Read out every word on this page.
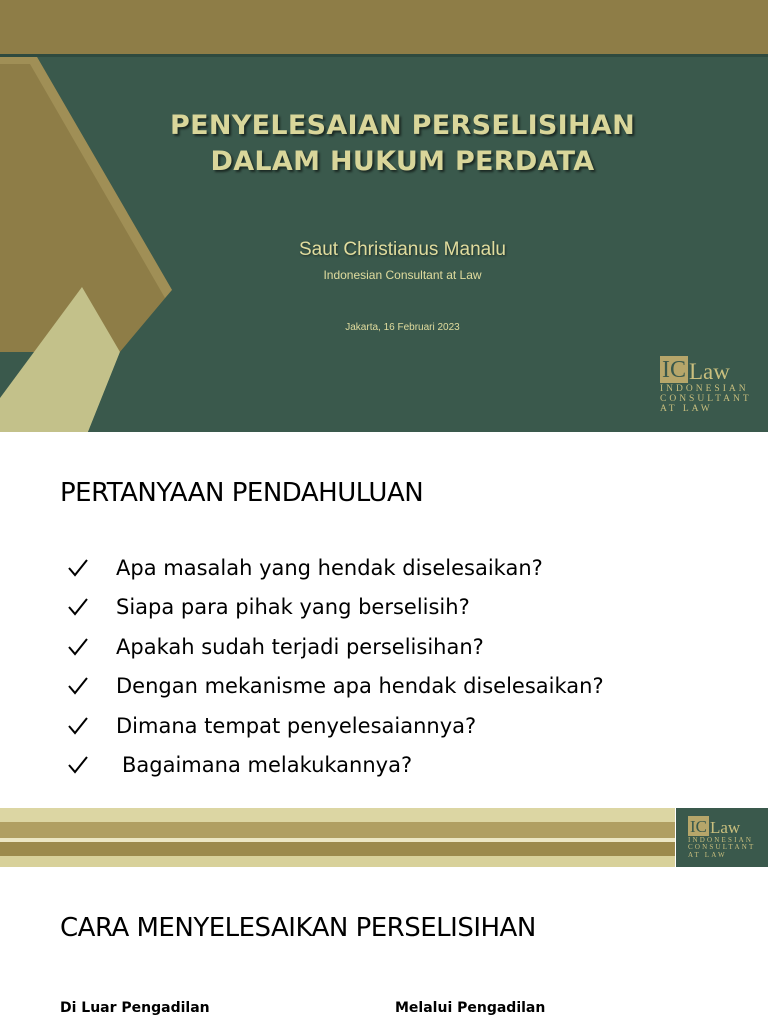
PENYELESAIAN PERSELISIHAN
DALAM HUKUM PERDATA
Saut Christianus Manalu
Indonesian Consultant at Law
Jakarta, 16 Februari 2023
IC Law
INDONESIAN
CONSULTANT
AT LAW
PERTANYAAN PENDAHULUAN
Apa masalah yang hendak diselesaikan?
Siapa para pihak yang berselisih?
Apakah sudah terjadi perselisihan?
Dengan mekanisme apa hendak diselesaikan?
Dimana tempat penyelesaiannya?
Bagaimana melakukannya?
IC Law
INDONESIAN
CONSULTANT
AT LAW
CARA MENYELESAIKAN PERSELISIHAN
Di Luar Pengadilan	Melalui Pengadilan
